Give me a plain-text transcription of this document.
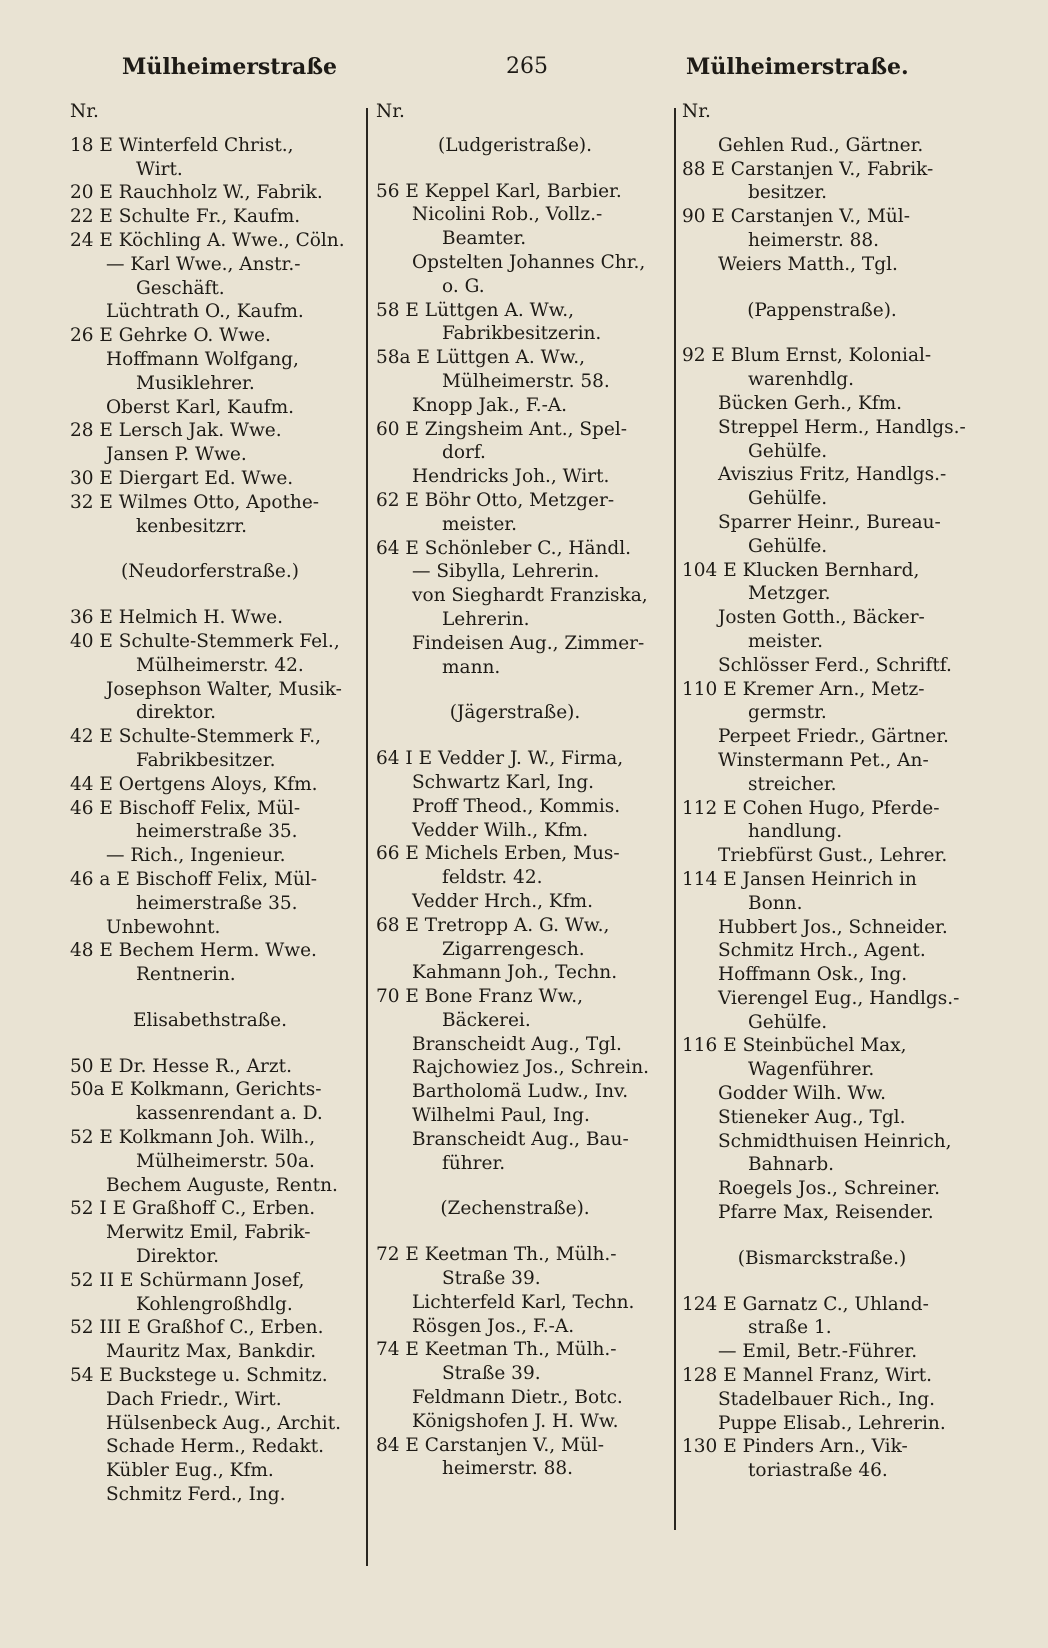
Mülheimerstraße	265	Mülheimerstraße.
Nr.
18 E Winterfeld Christ.,
Wirt.
20 E Rauchholz W., Fabrik.
22 E Schulte Fr., Kaufm.
24 E Köchling A. Wwe., Cöln.
— Karl Wwe., Anstr.-
Geschäft.
Lüchtrath O., Kaufm.
26 E Gehrke O. Wwe.
Hoffmann Wolfgang,
Musiklehrer.
Oberst Karl, Kaufm.
28 E Lersch Jak. Wwe.
Jansen P. Wwe.
30 E Diergart Ed. Wwe.
32 E Wilmes Otto, Apothe-
kenbesitzrr.
(Neudorferstraße.)
36 E Helmich H. Wwe.
40 E Schulte-Stemmerk Fel.,
Mülheimerstr. 42.
Josephson Walter, Musik-
direktor.
42 E Schulte-Stemmerk F.,
Fabrikbesitzer.
44 E Oertgens Aloys, Kfm.
46 E Bischoff Felix, Mül-
heimerstraße 35.
— Rich., Ingenieur.
46 a E Bischoff Felix, Mül-
heimerstraße 35.
Unbewohnt.
48 E Bechem Herm. Wwe.
Rentnerin.
Elisabethstraße.
50 E Dr. Hesse R., Arzt.
50a E Kolkmann, Gerichts-
kassenrendant a. D.
52 E Kolkmann Joh. Wilh.,
Mülheimerstr. 50a.
Bechem Auguste, Rentn.
52 I E Graßhoff C., Erben.
Merwitz Emil, Fabrik-
Direktor.
52 II E Schürmann Josef,
Kohlengroßhdlg.
52 III E Graßhof C., Erben.
Mauritz Max, Bankdir.
54 E Buckstege u. Schmitz.
Dach Friedr., Wirt.
Hülsenbeck Aug., Archit.
Schade Herm., Redakt.
Kübler Eug., Kfm.
Schmitz Ferd., Ing.
Nr.
(Ludgeristraße).
56 E Keppel Karl, Barbier.
Nicolini Rob., Vollz.-
Beamter.
Opstelten Johannes Chr.,
o. G.
58 E Lüttgen A. Ww.,
Fabrikbesitzerin.
58a E Lüttgen A. Ww.,
Mülheimerstr. 58.
Knopp Jak., F.-A.
60 E Zingsheim Ant., Spel-
dorf.
Hendricks Joh., Wirt.
62 E Böhr Otto, Metzger-
meister.
64 E Schönleber C., Händl.
— Sibylla, Lehrerin.
von Sieghardt Franziska,
Lehrerin.
Findeisen Aug., Zimmer-
mann.
(Jägerstraße).
64 I E Vedder J. W., Firma,
Schwartz Karl, Ing.
Proff Theod., Kommis.
Vedder Wilh., Kfm.
66 E Michels Erben, Mus-
feldstr. 42.
Vedder Hrch., Kfm.
68 E Tretropp A. G. Ww.,
Zigarrengesch.
Kahmann Joh., Techn.
70 E Bone Franz Ww.,
Bäckerei.
Branscheidt Aug., Tgl.
Rajchowiez Jos., Schrein.
Bartholomä Ludw., Inv.
Wilhelmi Paul, Ing.
Branscheidt Aug., Bau-
führer.
(Zechenstraße).
72 E Keetman Th., Mülh.-
Straße 39.
Lichterfeld Karl, Techn.
Rösgen Jos., F.-A.
74 E Keetman Th., Mülh.-
Straße 39.
Feldmann Dietr., Botc.
Königshofen J. H. Ww.
84 E Carstanjen V., Mül-
heimerstr. 88.
Nr.
Gehlen Rud., Gärtner.
88 E Carstanjen V., Fabrik-
besitzer.
90 E Carstanjen V., Mül-
heimerstr. 88.
Weiers Matth., Tgl.
(Pappenstraße).
92 E Blum Ernst, Kolonial-
warenhdlg.
Bücken Gerh., Kfm.
Streppel Herm., Handlgs.-
Gehülfe.
Aviszius Fritz, Handlgs.-
Gehülfe.
Sparrer Heinr., Bureau-
Gehülfe.
104 E Klucken Bernhard,
Metzger.
Josten Gotth., Bäcker-
meister.
Schlösser Ferd., Schriftf.
110 E Kremer Arn., Metz-
germstr.
Perpeet Friedr., Gärtner.
Winstermann Pet., An-
streicher.
112 E Cohen Hugo, Pferde-
handlung.
Triebfürst Gust., Lehrer.
114 E Jansen Heinrich in
Bonn.
Hubbert Jos., Schneider.
Schmitz Hrch., Agent.
Hoffmann Osk., Ing.
Vierengel Eug., Handlgs.-
Gehülfe.
116 E Steinbüchel Max,
Wagenführer.
Godder Wilh. Ww.
Stieneker Aug., Tgl.
Schmidthuisen Heinrich,
Bahnarb.
Roegels Jos., Schreiner.
Pfarre Max, Reisender.
(Bismarckstraße.)
124 E Garnatz C., Uhland-
straße 1.
— Emil, Betr.-Führer.
128 E Mannel Franz, Wirt.
Stadelbauer Rich., Ing.
Puppe Elisab., Lehrerin.
130 E Pinders Arn., Vik-
toriastraße 46.
